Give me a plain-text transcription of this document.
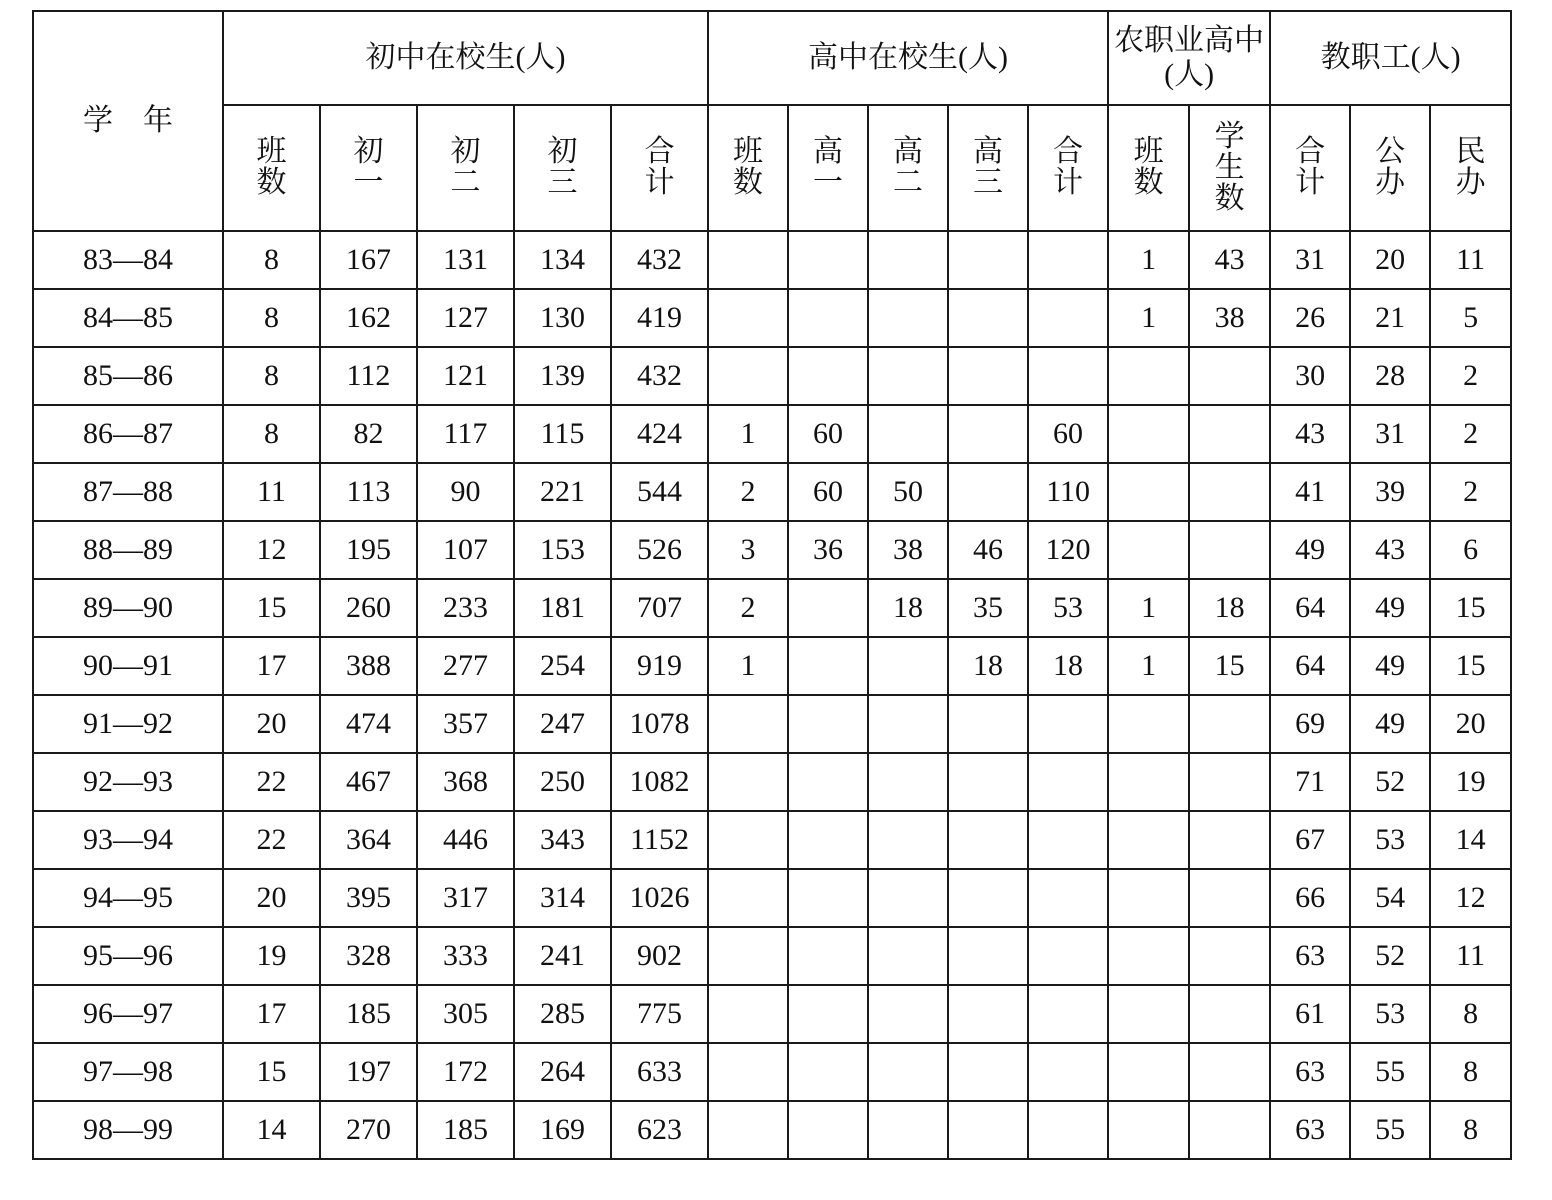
学　年	初中在校生(人)					高中在校生(人)					农职业高中(人)		教职工(人)		
	班数	初一	初二	初三	合计	班数	高一	高二	高三	合计	班数	学生数	合计	公办	民办
83—84	8	167	131	134	432						1	43	31	20	11
84—85	8	162	127	130	419						1	38	26	21	5
85—86	8	112	121	139	432								30	28	2
86—87	8	82	117	115	424	1	60			60			43	31	2
87—88	11	113	90	221	544	2	60	50		110			41	39	2
88—89	12	195	107	153	526	3	36	38	46	120			49	43	6
89—90	15	260	233	181	707	2		18	35	53	1	18	64	49	15
90—91	17	388	277	254	919	1			18	18	1	15	64	49	15
91—92	20	474	357	247	1078								69	49	20
92—93	22	467	368	250	1082								71	52	19
93—94	22	364	446	343	1152								67	53	14
94—95	20	395	317	314	1026								66	54	12
95—96	19	328	333	241	902								63	52	11
96—97	17	185	305	285	775								61	53	8
97—98	15	197	172	264	633								63	55	8
98—99	14	270	185	169	623								63	55	8
